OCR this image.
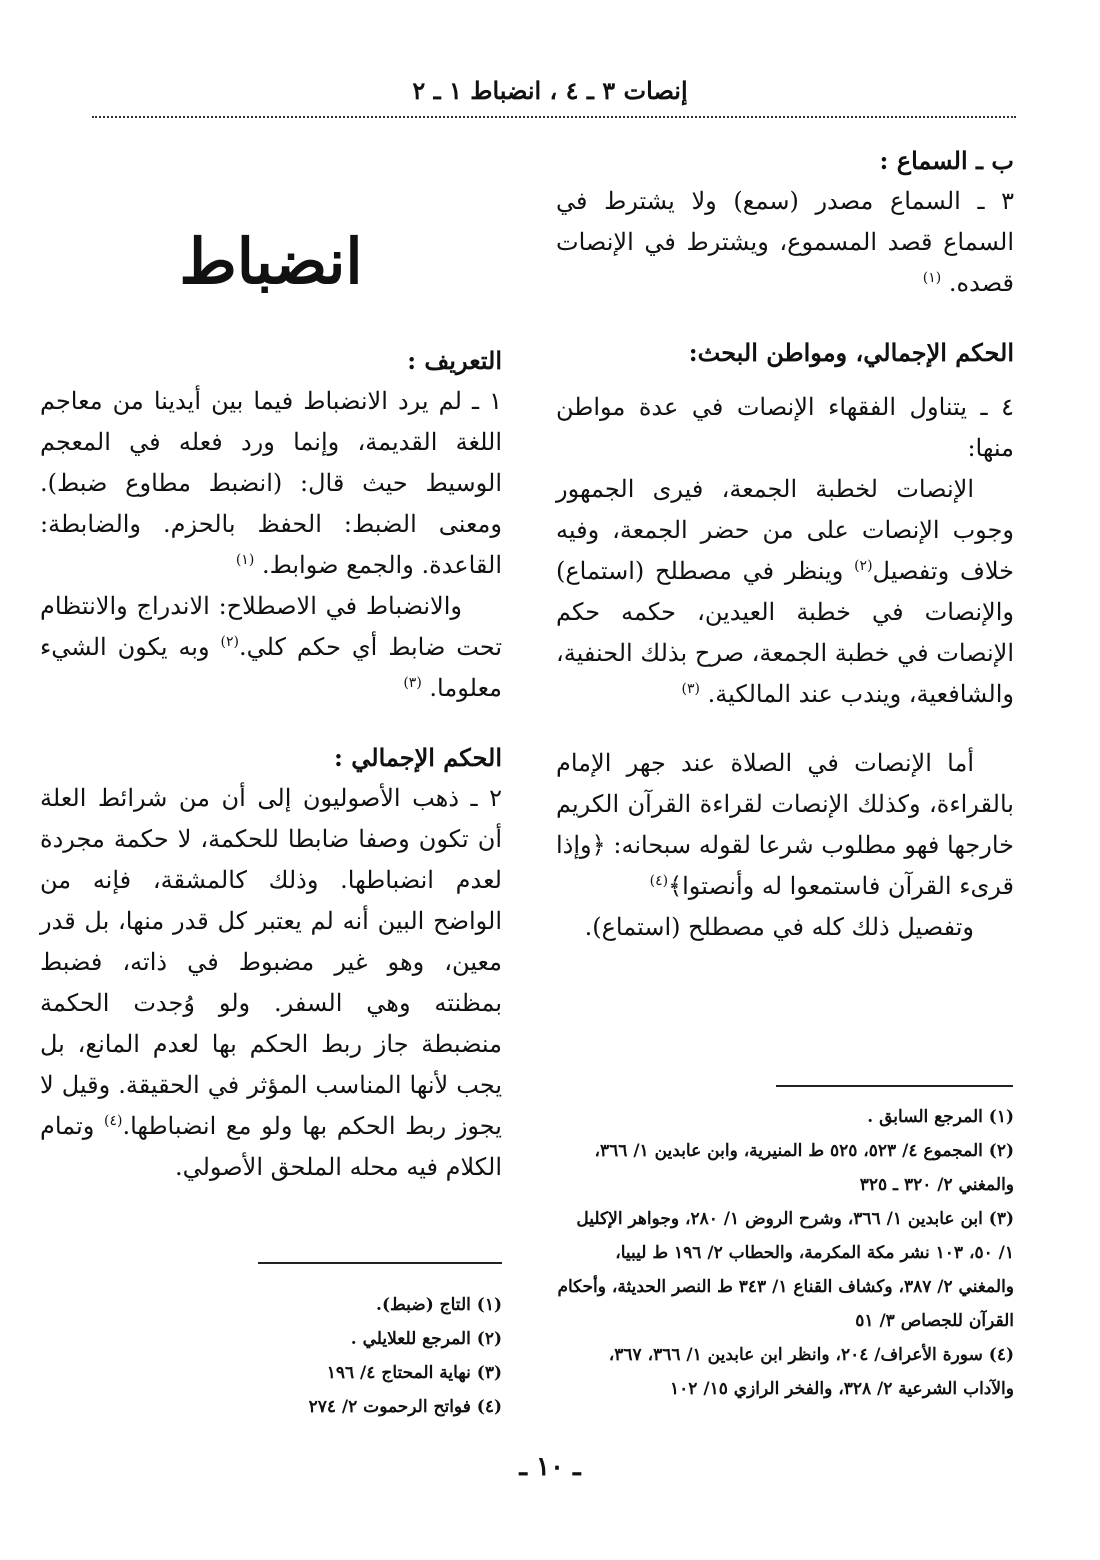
إنصات ٣ ـ ٤ ، انضباط ١ ـ ٢

ب ـ السماع :

٣ ـ السماع مصدر (سمع) ولا يشترط في السماع قصد المسموع، ويشترط في الإنصات قصده. $^{(١)}$

الحكم الإجمالي، ومواطن البحث:

٤ ـ يتناول الفقهاء الإنصات في عدة مواطن منها:

الإنصات لخطبة الجمعة، فيرى الجمهور وجوب الإنصات على من حضر الجمعة، وفيه خلاف وتفصيل$^{(٢)}$ وينظر في مصطلح (استماع) والإنصات في خطبة العيدين، حكمه حكم الإنصات في خطبة الجمعة، صرح بذلك الحنفية، والشافعية، ويندب عند المالكية. $^{(٣)}$

أما الإنصات في الصلاة عند جهر الإمام بالقراءة، وكذلك الإنصات لقراءة القرآن الكريم خارجها فهو مطلوب شرعا لقوله سبحانه: ﴿وإذا قرىء القرآن فاستمعوا له وأنصتوا﴾$^{(٤)}$

وتفصيل ذلك كله في مصطلح (استماع).

(١) المرجع السابق .

(٢) المجموع ٤/ ٥٢٣، ٥٢٥ ط المنيرية، وابن عابدين ١/ ٣٦٦، والمغني ٢/ ٣٢٠ ـ ٣٢٥

(٣) ابن عابدين ١/ ٣٦٦، وشرح الروض ١/ ٢٨٠، وجواهر الإكليل ١/ ٥٠، ١٠٣ نشر مكة المكرمة، والحطاب ٢/ ١٩٦ ط ليبيا، والمغني ٢/ ٣٨٧، وكشاف القناع ١/ ٣٤٣ ط النصر الحديثة، وأحكام القرآن للجصاص ٣/ ٥١

(٤) سورة الأعراف/ ٢٠٤، وانظر ابن عابدين ١/ ٣٦٦، ٣٦٧، والآداب الشرعية ٢/ ٣٢٨، والفخر الرازي ١٥/ ١٠٢

انضباط

التعريف :

١ ـ لم يرد الانضباط فيما بين أيدينا من معاجم اللغة القديمة، وإنما ورد فعله في المعجم الوسيط حيث قال: (انضبط مطاوع ضبط). ومعنى الضبط: الحفظ بالحزم. والضابطة: القاعدة. والجمع ضوابط. $^{(١)}$

والانضباط في الاصطلاح: الاندراج والانتظام تحت ضابط أي حكم كلي.$^{(٢)}$ وبه يكون الشيء معلوما. $^{(٣)}$

الحكم الإجمالي :

٢ ـ ذهب الأصوليون إلى أن من شرائط العلة أن تكون وصفا ضابطا للحكمة، لا حكمة مجردة لعدم انضباطها. وذلك كالمشقة، فإنه من الواضح البين أنه لم يعتبر كل قدر منها، بل قدر معين، وهو غير مضبوط في ذاته، فضبط بمظنته وهي السفر. ولو وُجدت الحكمة منضبطة جاز ربط الحكم بها لعدم المانع، بل يجب لأنها المناسب المؤثر في الحقيقة. وقيل لا يجوز ربط الحكم بها ولو مع انضباطها.$^{(٤)}$ وتمام الكلام فيه محله الملحق الأصولي.

(١) التاج (ضبط).

(٢) المرجع للعلايلي .

(٣) نهاية المحتاج ٤/ ١٩٦

(٤) فواتح الرحموت ٢/ ٢٧٤

ـ ١٠ ـ
